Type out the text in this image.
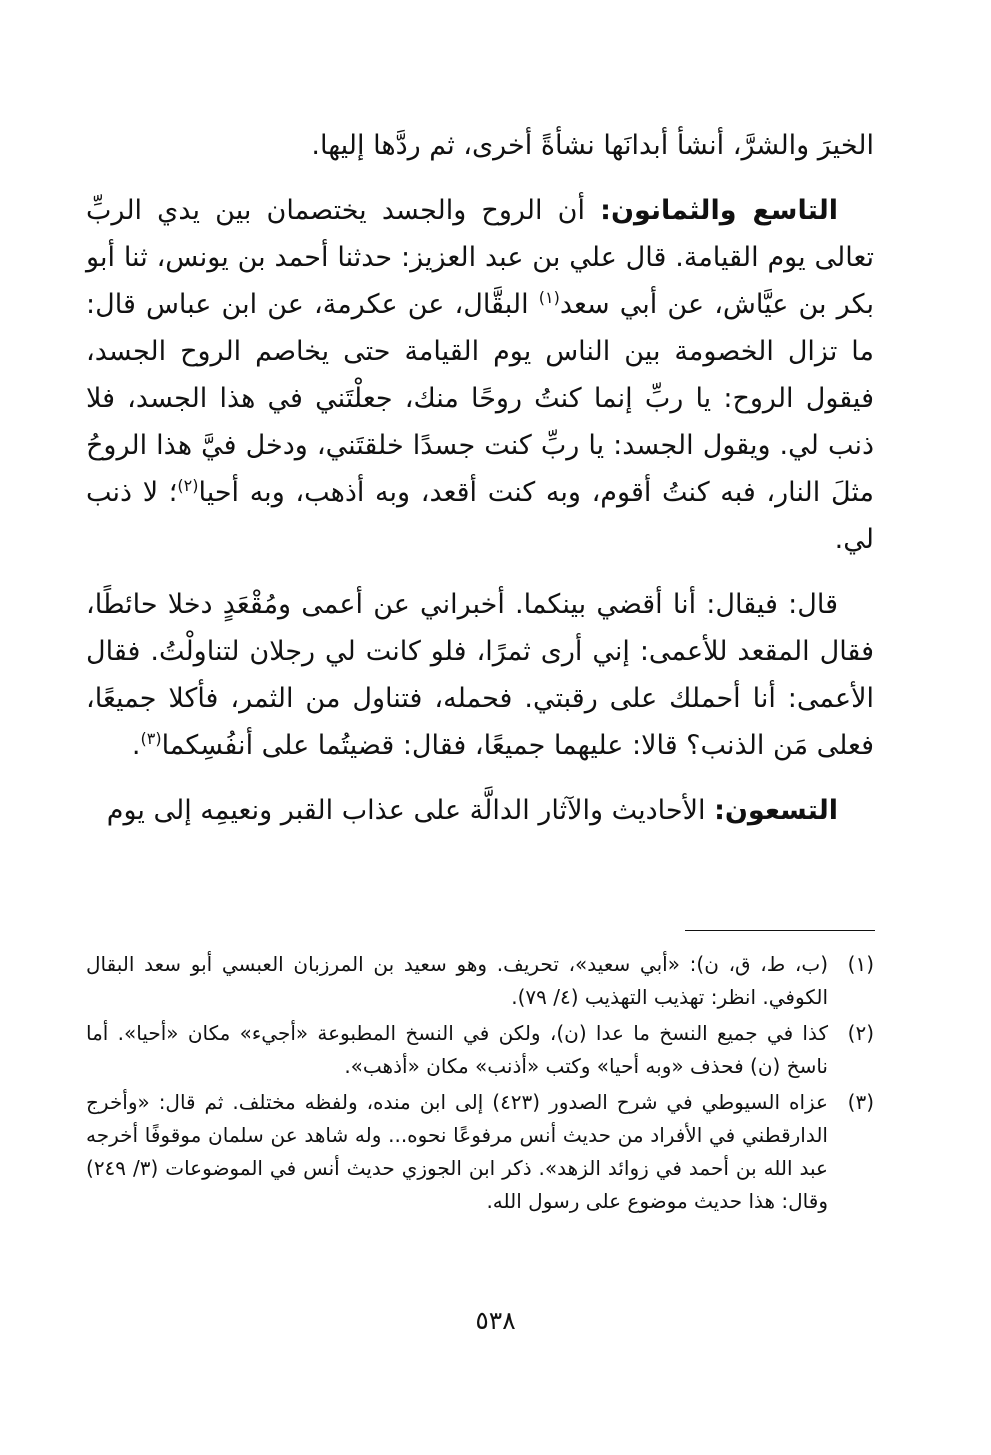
الخيرَ والشرَّ، أنشأ أبدانَها نشأةً أخرى، ثم ردَّها إليها.

التاسع والثمانون: أن الروح والجسد يختصمان بين يدي الربِّ تعالى يوم القيامة. قال علي بن عبد العزيز: حدثنا أحمد بن يونس، ثنا أبو بكر بن عيَّاش، عن أبي سعد$^{(١)}$ البقَّال، عن عكرمة، عن ابن عباس قال: ما تزال الخصومة بين الناس يوم القيامة حتى يخاصم الروح الجسد، فيقول الروح: يا ربِّ إنما كنتُ روحًا منك، جعلْتَني في هذا الجسد، فلا ذنب لي. ويقول الجسد: يا ربِّ كنت جسدًا خلقتَني، ودخل فيَّ هذا الروحُ مثلَ النار، فبه كنتُ أقوم، وبه كنت أقعد، وبه أذهب، وبه أحيا$^{(٢)}$؛ لا ذنب لي.

قال: فيقال: أنا أقضي بينكما. أخبراني عن أعمى ومُقْعَدٍ دخلا حائطًا، فقال المقعد للأعمى: إني أرى ثمرًا، فلو كانت لي رجلان لتناولْتُ. فقال الأعمى: أنا أحملك على رقبتي. فحمله، فتناول من الثمر، فأكلا جميعًا، فعلى مَن الذنب؟ قالا: عليهما جميعًا، فقال: قضيتُما على أنفُسِكما$^{(٣)}$.

التسعون: الأحاديث والآثار الدالَّة على عذاب القبر ونعيمِه إلى يوم

(١)
(ب، ط، ق، ن): «أبي سعيد»، تحريف. وهو سعيد بن المرزبان العبسي أبو سعد البقال الكوفي. انظر: تهذيب التهذيب (٤/ ٧٩).
(٢)
كذا في جميع النسخ ما عدا (ن)، ولكن في النسخ المطبوعة «أجيء» مكان «أحيا». أما ناسخ (ن) فحذف «وبه أحيا» وكتب «أذنب» مكان «أذهب».
(٣)
عزاه السيوطي في شرح الصدور (٤٢٣) إلى ابن منده، ولفظه مختلف. ثم قال: «وأخرج الدارقطني في الأفراد من حديث أنس مرفوعًا نحوه... وله شاهد عن سلمان موقوفًا أخرجه عبد الله بن أحمد في زوائد الزهد». ذكر ابن الجوزي حديث أنس في الموضوعات (٣/ ٢٤٩) وقال: هذا حديث موضوع على رسول الله.
٥٣٨
